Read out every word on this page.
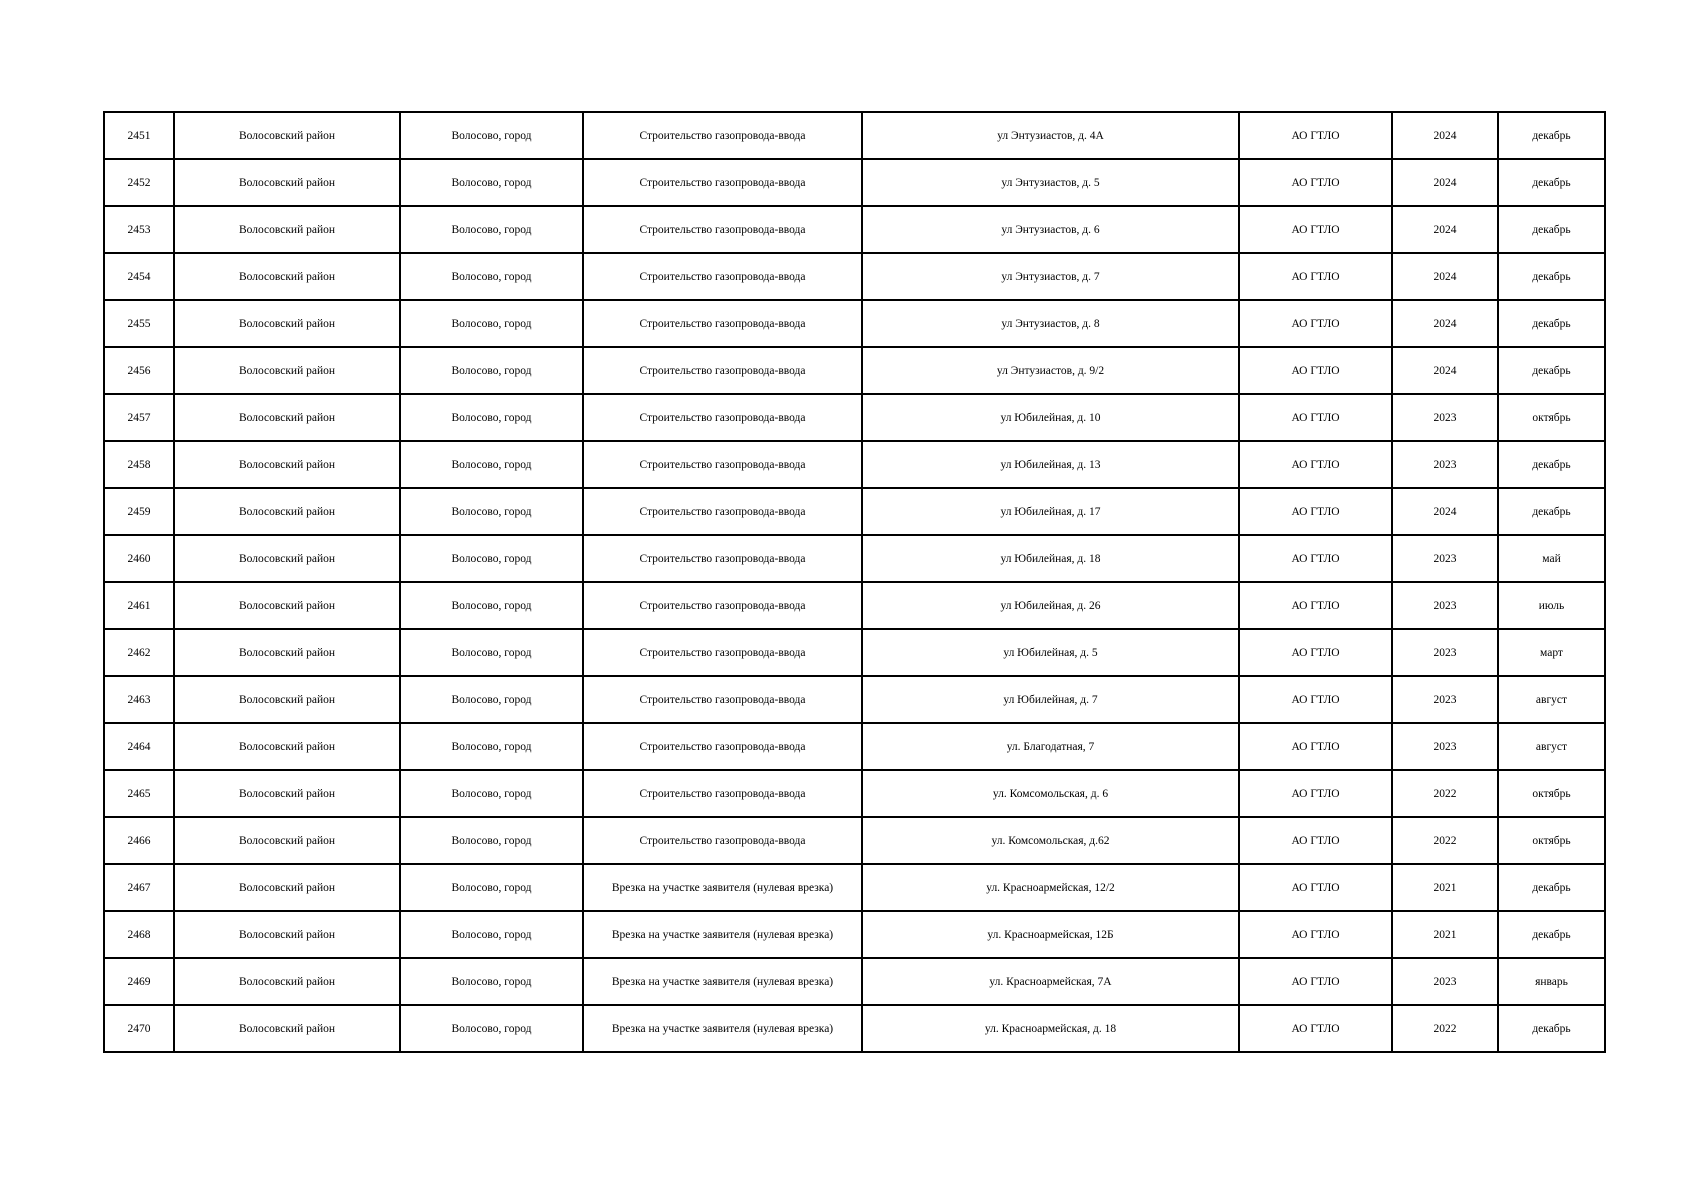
2451	Волосовский район	Волосово, город	Строительство газопровода-ввода	ул Энтузиастов, д. 4А	АО ГТЛО	2024	декабрь
2452	Волосовский район	Волосово, город	Строительство газопровода-ввода	ул Энтузиастов, д. 5	АО ГТЛО	2024	декабрь
2453	Волосовский район	Волосово, город	Строительство газопровода-ввода	ул Энтузиастов, д. 6	АО ГТЛО	2024	декабрь
2454	Волосовский район	Волосово, город	Строительство газопровода-ввода	ул Энтузиастов, д. 7	АО ГТЛО	2024	декабрь
2455	Волосовский район	Волосово, город	Строительство газопровода-ввода	ул Энтузиастов, д. 8	АО ГТЛО	2024	декабрь
2456	Волосовский район	Волосово, город	Строительство газопровода-ввода	ул Энтузиастов, д. 9/2	АО ГТЛО	2024	декабрь
2457	Волосовский район	Волосово, город	Строительство газопровода-ввода	ул Юбилейная, д. 10	АО ГТЛО	2023	октябрь
2458	Волосовский район	Волосово, город	Строительство газопровода-ввода	ул Юбилейная, д. 13	АО ГТЛО	2023	декабрь
2459	Волосовский район	Волосово, город	Строительство газопровода-ввода	ул Юбилейная, д. 17	АО ГТЛО	2024	декабрь
2460	Волосовский район	Волосово, город	Строительство газопровода-ввода	ул Юбилейная, д. 18	АО ГТЛО	2023	май
2461	Волосовский район	Волосово, город	Строительство газопровода-ввода	ул Юбилейная, д. 26	АО ГТЛО	2023	июль
2462	Волосовский район	Волосово, город	Строительство газопровода-ввода	ул Юбилейная, д. 5	АО ГТЛО	2023	март
2463	Волосовский район	Волосово, город	Строительство газопровода-ввода	ул Юбилейная, д. 7	АО ГТЛО	2023	август
2464	Волосовский район	Волосово, город	Строительство газопровода-ввода	ул. Благодатная, 7	АО ГТЛО	2023	август
2465	Волосовский район	Волосово, город	Строительство газопровода-ввода	ул. Комсомольская, д. 6	АО ГТЛО	2022	октябрь
2466	Волосовский район	Волосово, город	Строительство газопровода-ввода	ул. Комсомольская, д.62	АО ГТЛО	2022	октябрь
2467	Волосовский район	Волосово, город	Врезка на участке заявителя (нулевая врезка)	ул. Красноармейская, 12/2	АО ГТЛО	2021	декабрь
2468	Волосовский район	Волосово, город	Врезка на участке заявителя (нулевая врезка)	ул. Красноармейская, 12Б	АО ГТЛО	2021	декабрь
2469	Волосовский район	Волосово, город	Врезка на участке заявителя (нулевая врезка)	ул. Красноармейская, 7А	АО ГТЛО	2023	январь
2470	Волосовский район	Волосово, город	Врезка на участке заявителя (нулевая врезка)	ул. Красноармейская, д. 18	АО ГТЛО	2022	декабрь
